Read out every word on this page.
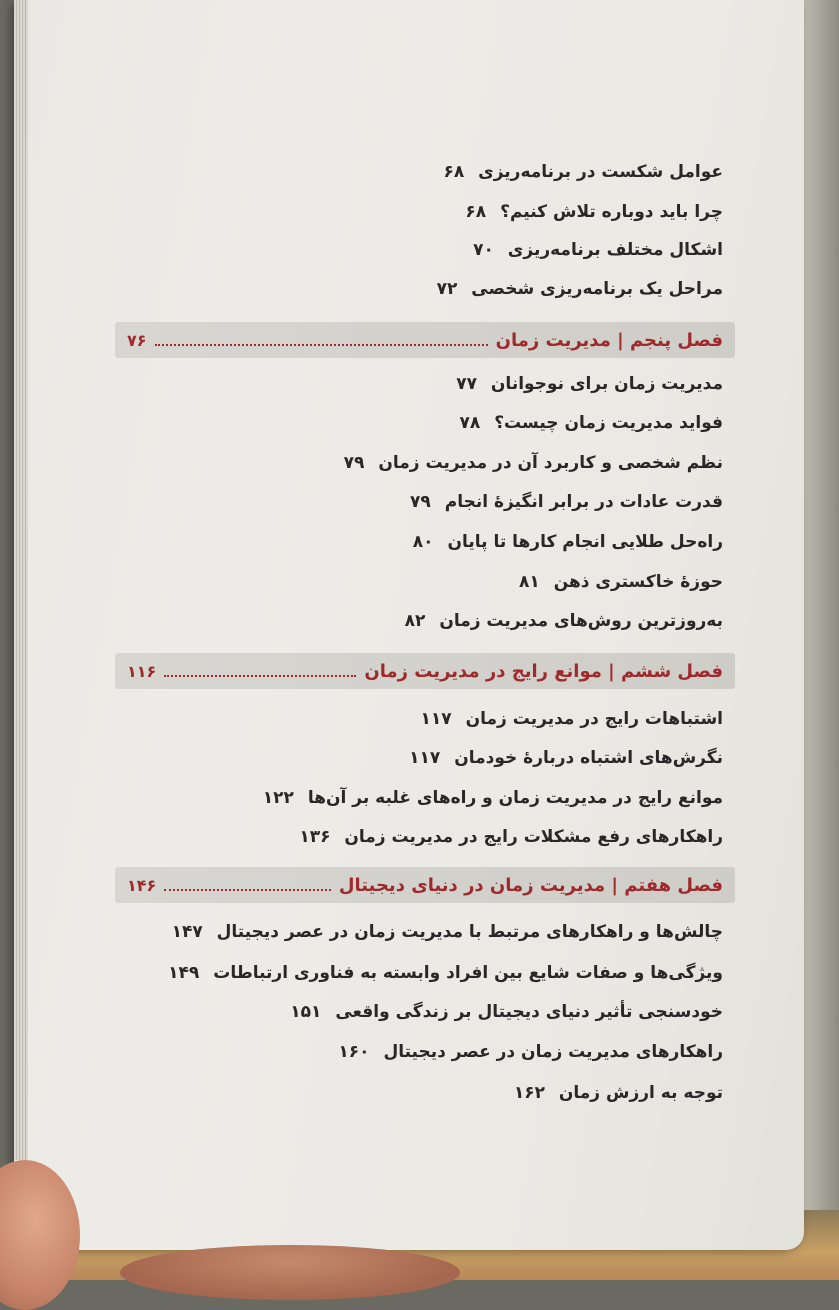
عوامل شکست در برنامه‌ریزی ۶۸
چرا باید دوباره تلاش کنیم؟ ۶۸
اشکال مختلف برنامه‌ریزی ۷۰
مراحل یک برنامه‌ریزی شخصی ۷۲
فصل پنجم | مدیریت زمان
۷۶
مدیریت زمان برای نوجوانان ۷۷
فواید مدیریت زمان چیست؟ ۷۸
نظم شخصی و کاربرد آن در مدیریت زمان ۷۹
قدرت عادات در برابر انگیزهٔ انجام ۷۹
راه‌حل طلایی انجام کارها تا پایان ۸۰
حوزهٔ خاکستری ذهن ۸۱
به‌روزترین روش‌های مدیریت زمان ۸۲
فصل ششم | موانع رایج در مدیریت زمان
۱۱۶
اشتباهات رایج در مدیریت زمان ۱۱۷
نگرش‌های اشتباه دربارهٔ خودمان ۱۱۷
موانع رایج در مدیریت زمان و راه‌های غلبه بر آن‌ها ۱۲۲
راهکارهای رفع مشکلات رایج در مدیریت زمان ۱۳۶
فصل هفتم | مدیریت زمان در دنیای دیجیتال
۱۴۶
چالش‌ها و راهکارهای مرتبط با مدیریت زمان در عصر دیجیتال ۱۴۷
ویژگی‌ها و صفات شایع بین افراد وابسته به فناوری ارتباطات ۱۴۹
خودسنجی تأثیر دنیای دیجیتال بر زندگی واقعی ۱۵۱
راهکارهای مدیریت زمان در عصر دیجیتال ۱۶۰
توجه به ارزش زمان ۱۶۲
